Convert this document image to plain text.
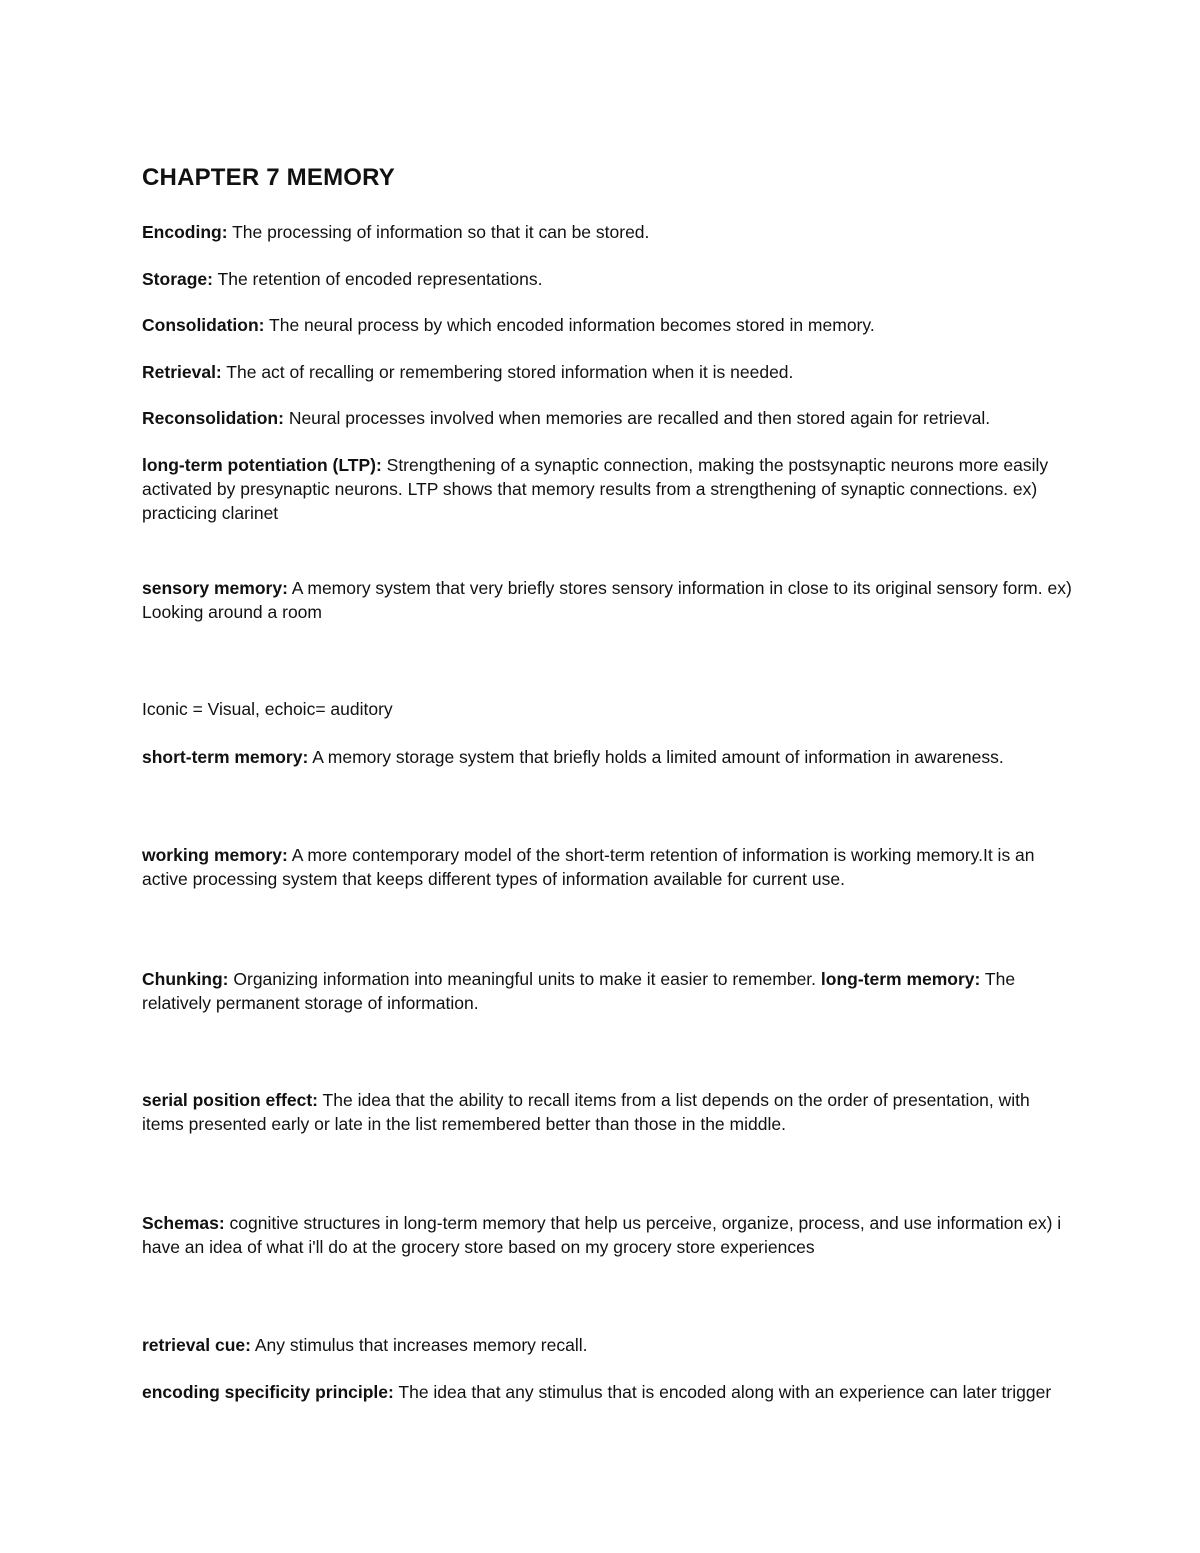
CHAPTER 7 MEMORY

Encoding: The processing of information so that it can be stored.

Storage: The retention of encoded representations.

Consolidation: The neural process by which encoded information becomes stored in memory.

Retrieval: The act of recalling or remembering stored information when it is needed.

Reconsolidation: Neural processes involved when memories are recalled and then stored again for retrieval.

long-term potentiation (LTP): Strengthening of a synaptic connection, making the postsynaptic neurons more easily activated by presynaptic neurons. LTP shows that memory results from a strengthening of synaptic connections. ex) practicing clarinet

sensory memory: A memory system that very briefly stores sensory information in close to its original sensory form. ex) Looking around a room

Iconic = Visual, echoic= auditory

short-term memory: A memory storage system that briefly holds a limited amount of information in awareness.

working memory: A more contemporary model of the short-term retention of information is working memory.It is an active processing system that keeps different types of information available for current use.

Chunking: Organizing information into meaningful units to make it easier to remember. long-term memory: The relatively permanent storage of information.

serial position effect: The idea that the ability to recall items from a list depends on the order of presentation, with items presented early or late in the list remembered better than those in the middle.

Schemas: cognitive structures in long-term memory that help us perceive, organize, process, and use information ex) i have an idea of what i'll do at the grocery store based on my grocery store experiences

retrieval cue: Any stimulus that increases memory recall.

encoding specificity principle: The idea that any stimulus that is encoded along with an experience can later trigger
